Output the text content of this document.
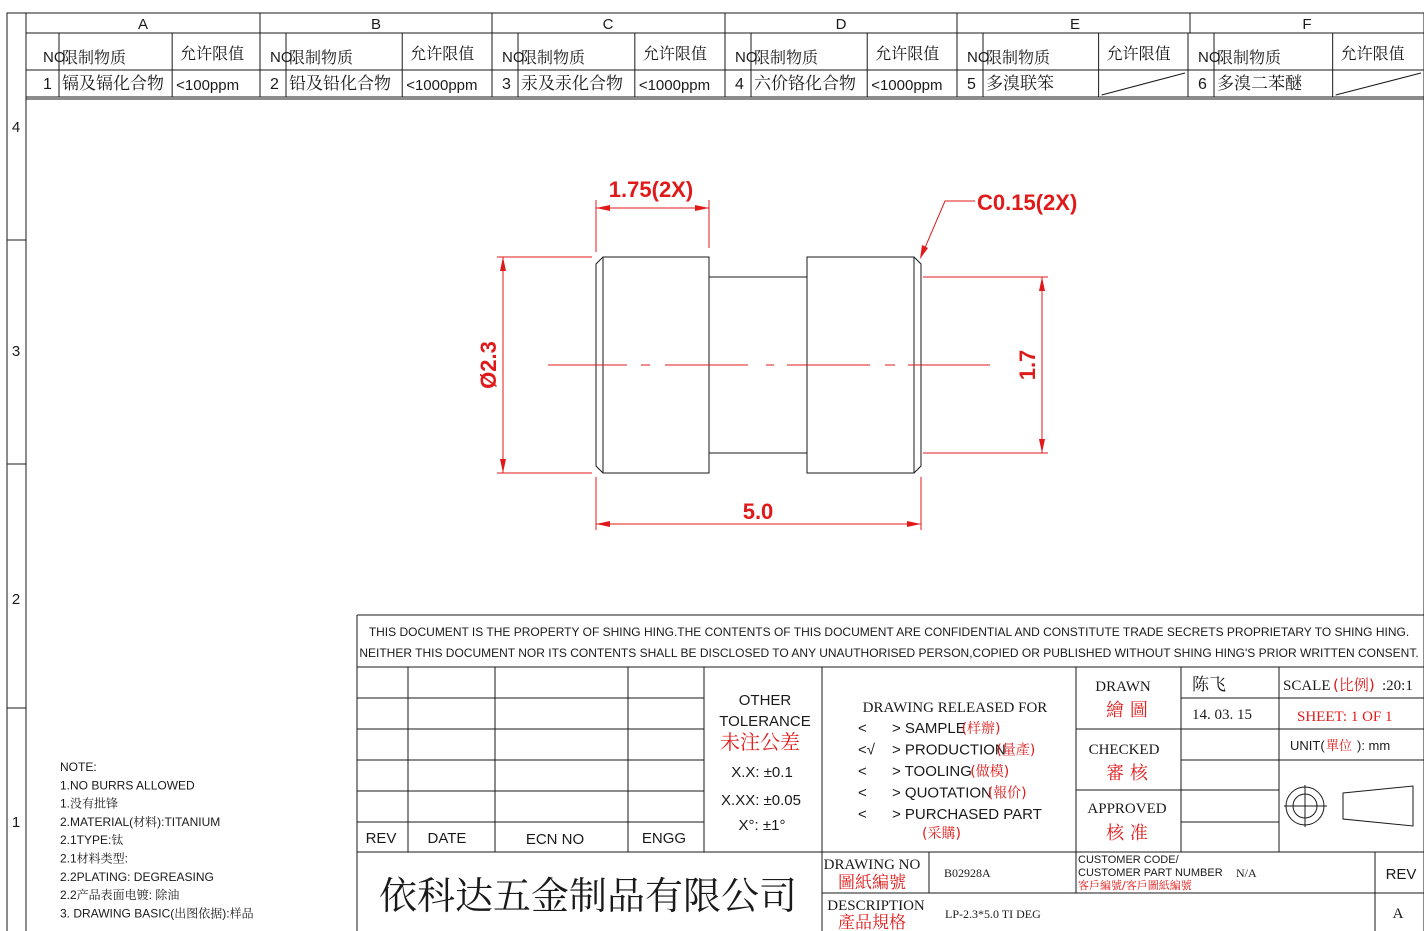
A	B	C	D	E	F
4
3
2
1
NO
限制物质	允许限值
1 镉及镉化合物 <100ppm
NO
限制物质	允许限值
2 铅及铅化合物 <1000ppm
NO
限制物质	允许限值
3 汞及汞化合物 <1000ppm
NO
限制物质	允许限值
4 六价铬化合物 <1000ppm
NO
限制物质	允许限值
5 多溴联笨
NO
限制物质	允许限值
6 多溴二苯醚
1.75(2X)
C0.15(2X)
Ø2.3	1.7
5.0
NOTE:
1.NO BURRS ALLOWED
1.没有批锋
2.MATERIAL(材料):TITANIUM
2.1TYPE:钛
2.1材料类型:
2.2PLATING: DEGREASING
2.2产品表面电镀: 除油
3. DRAWING BASIC(出图依据):样品
THIS DOCUMENT IS THE PROPERTY OF SHING HING.THE CONTENTS OF THIS DOCUMENT ARE CONFIDENTIAL AND CONSTITUTE TRADE SECRETS PROPRIETARY TO SHING HING.
NEITHER THIS DOCUMENT NOR ITS CONTENTS SHALL BE DISCLOSED TO ANY UNAUTHORISED PERSON,COPIED OR PUBLISHED WITHOUT SHING HING'S PRIOR WRITTEN CONSENT.
REV DATE	ECN NO	ENGG
OTHER
TOLERANCE
未注公差
X.X: ±0.1
X.XX: ±0.05
X°: ±1°
DRAWING RELEASED FOR
< > SAMPLE
(样辦)
<√ > PRODUCTION
(量產)
< > TOOLING
(做模)
< > QUOTATION
(報价)
< > PURCHASED PART
(采購)
DRAWN
繪 圖
陈飞
14. 03. 15
SCALE (比例) :20:1
SHEET: 1 OF 1
UNIT( 單位 ): mm
CHECKED
審 核
APPROVED
核 准
依科达五金制品有限公司
DRAWING NO
圖紙編號	B02928A
CUSTOMER CODE/
CUSTOMER PART NUMBER
客戶編號/客戶圖紙編號
N/A	REV
A
DESCRIPTION
產品規格	LP-2.3*5.0 TI DEG
